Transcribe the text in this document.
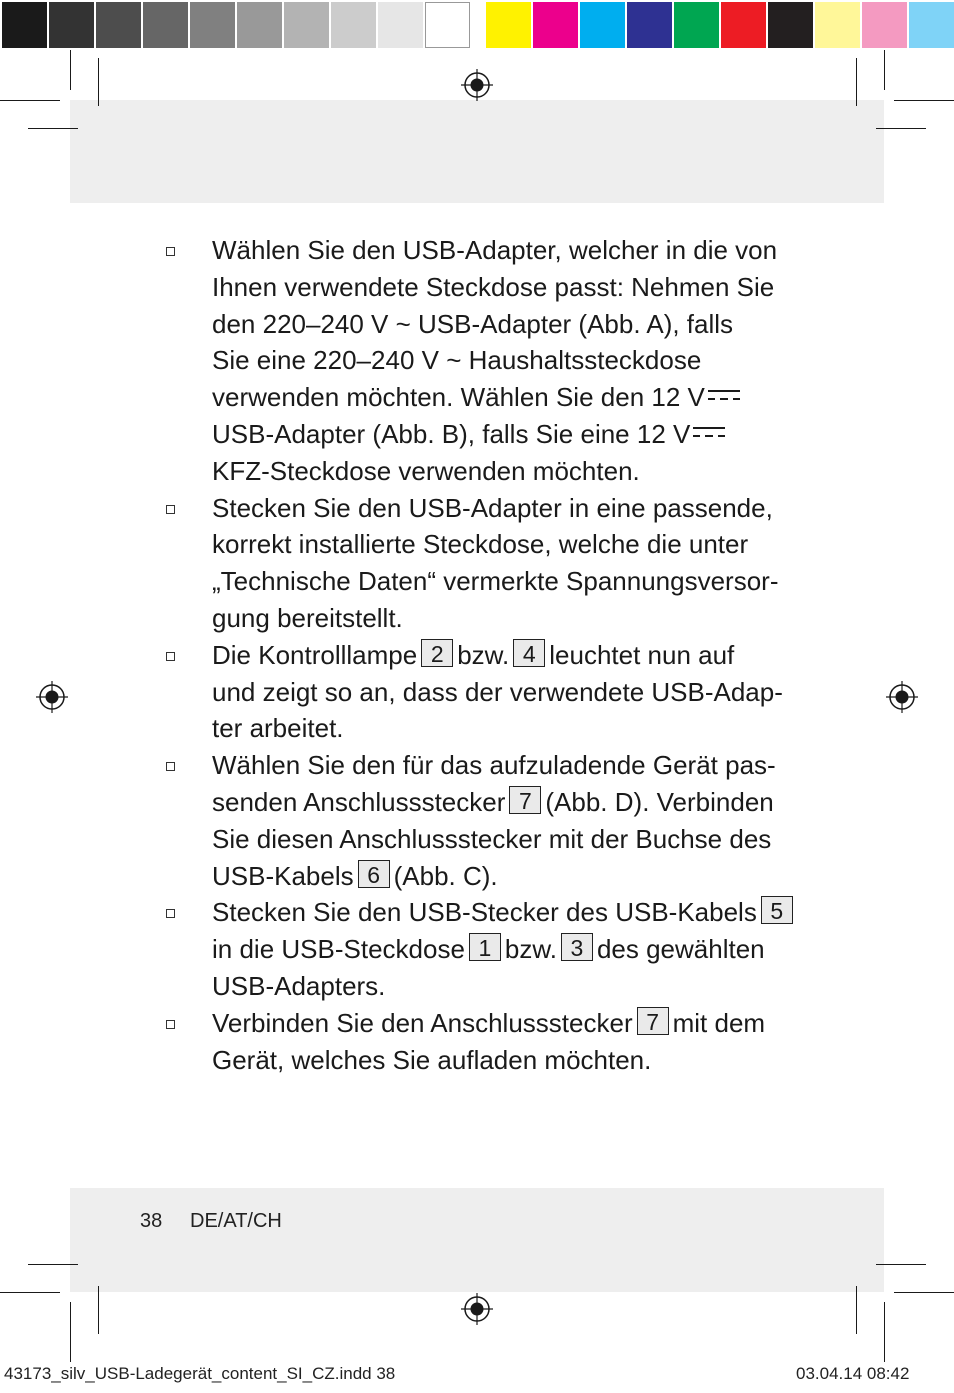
Wählen Sie den USB-Adapter, welcher in die von
Ihnen verwendete Steckdose passt: Nehmen Sie
den 220–240 V ~ USB-Adapter (Abb. A), falls
Sie eine 220–240 V ~ Haushaltssteckdose
verwenden möchten. Wählen Sie den 12 V
USB-Adapter (Abb. B), falls Sie eine 12 V
KFZ-Steckdose verwenden möchten.
Stecken Sie den USB-Adapter in eine passende,
korrekt installierte Steckdose, welche die unter
„Technische Daten“ vermerkte Spannungsversor-
gung bereitstellt.
Die Kontrolllampe 2 bzw. 4 leuchtet nun auf
und zeigt so an, dass der verwendete USB-Adap-
ter arbeitet.
Wählen Sie den für das aufzuladende Gerät pas-
senden Anschlussstecker 7 (Abb. D). Verbinden
Sie diesen Anschlussstecker mit der Buchse des
USB-Kabels 6 (Abb. C).
Stecken Sie den USB-Stecker des USB-Kabels 5
in die USB-Steckdose 1 bzw. 3 des gewählten
USB-Adapters.
Verbinden Sie den Anschlussstecker 7 mit dem
Gerät, welches Sie aufladen möchten.
38 DE/AT/CH
43173_silv_USB-Ladegerät_content_SI_CZ.indd 38	03.04.14 08:42
